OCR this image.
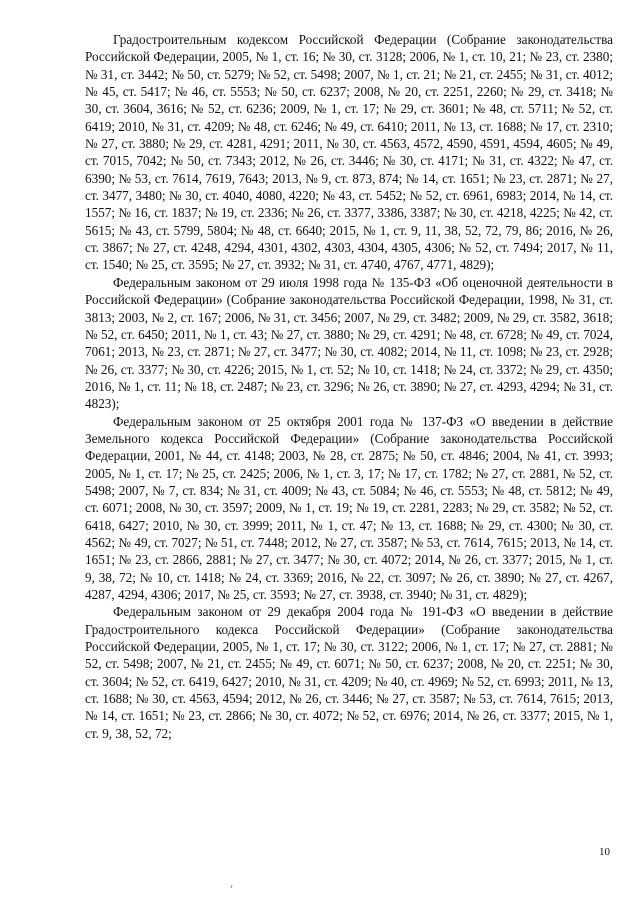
Градостроительным кодексом Российской Федерации (Собрание законодательства Российской Федерации, 2005, № 1, ст. 16; № 30, ст. 3128; 2006, № 1, ст. 10, 21; № 23, ст. 2380; № 31, ст. 3442; № 50, ст. 5279; № 52, ст. 5498; 2007, № 1, ст. 21; № 21, ст. 2455; № 31, ст. 4012; № 45, ст. 5417; № 46, ст. 5553; № 50, ст. 6237; 2008, № 20, ст. 2251, 2260; № 29, ст. 3418; № 30, ст. 3604, 3616; № 52, ст. 6236; 2009, № 1, ст. 17; № 29, ст. 3601; № 48, ст. 5711; № 52, ст. 6419; 2010, № 31, ст. 4209; № 48, ст. 6246; № 49, ст. 6410; 2011, № 13, ст. 1688; № 17, ст. 2310; № 27, ст. 3880; № 29, ст. 4281, 4291; 2011, № 30, ст. 4563, 4572, 4590, 4591, 4594, 4605; № 49, ст. 7015, 7042; № 50, ст. 7343; 2012, № 26, ст. 3446; № 30, ст. 4171; № 31, ст. 4322; № 47, ст. 6390; № 53, ст. 7614, 7619, 7643; 2013, № 9, ст. 873, 874; № 14, ст. 1651; № 23, ст. 2871; № 27, ст. 3477, 3480; № 30, ст. 4040, 4080, 4220; № 43, ст. 5452; № 52, ст. 6961, 6983; 2014, № 14, ст. 1557; № 16, ст. 1837; № 19, ст. 2336; № 26, ст. 3377, 3386, 3387; № 30, ст. 4218, 4225; № 42, ст. 5615; № 43, ст. 5799, 5804; № 48, ст. 6640; 2015, № 1, ст. 9, 11, 38, 52, 72, 79, 86; 2016, № 26, ст. 3867; № 27, ст. 4248, 4294, 4301, 4302, 4303, 4304, 4305, 4306; № 52, ст. 7494; 2017, № 11, ст. 1540; № 25, ст. 3595; № 27, ст. 3932; № 31, ст. 4740, 4767, 4771, 4829);

Федеральным законом от 29 июля 1998 года № 135-ФЗ «Об оценочной деятельности в Российской Федерации» (Собрание законодательства Российской Федерации, 1998, № 31, ст. 3813; 2003, № 2, ст. 167; 2006, № 31, ст. 3456; 2007, № 29, ст. 3482; 2009, № 29, ст. 3582, 3618; № 52, ст. 6450; 2011, № 1, ст. 43; № 27, ст. 3880; № 29, ст. 4291; № 48, ст. 6728; № 49, ст. 7024, 7061; 2013, № 23, ст. 2871; № 27, ст. 3477; № 30, ст. 4082; 2014, № 11, ст. 1098; № 23, ст. 2928; № 26, ст. 3377; № 30, ст. 4226; 2015, № 1, ст. 52; № 10, ст. 1418; № 24, ст. 3372; № 29, ст. 4350; 2016, № 1, ст. 11; № 18, ст. 2487; № 23, ст. 3296; № 26, ст. 3890; № 27, ст. 4293, 4294; № 31, ст. 4823);

Федеральным законом от 25 октября 2001 года № 137-ФЗ «О введении в действие Земельного кодекса Российской Федерации» (Собрание законодательства Российской Федерации, 2001, № 44, ст. 4148; 2003, № 28, ст. 2875; № 50, ст. 4846; 2004, № 41, ст. 3993; 2005, № 1, ст. 17; № 25, ст. 2425; 2006, № 1, ст. 3, 17; № 17, ст. 1782; № 27, ст. 2881, № 52, ст. 5498; 2007, № 7, ст. 834; № 31, ст. 4009; № 43, ст. 5084; № 46, ст. 5553; № 48, ст. 5812; № 49, ст. 6071; 2008, № 30, ст. 3597; 2009, № 1, ст. 19; № 19, ст. 2281, 2283; № 29, ст. 3582; № 52, ст. 6418, 6427; 2010, № 30, ст. 3999; 2011, № 1, ст. 47; № 13, ст. 1688; № 29, ст. 4300; № 30, ст. 4562; № 49, ст. 7027; № 51, ст. 7448; 2012, № 27, ст. 3587; № 53, ст. 7614, 7615; 2013, № 14, ст. 1651; № 23, ст. 2866, 2881; № 27, ст. 3477; № 30, ст. 4072; 2014, № 26, ст. 3377; 2015, № 1, ст. 9, 38, 72; № 10, ст. 1418; № 24, ст. 3369; 2016, № 22, ст. 3097; № 26, ст. 3890; № 27, ст. 4267, 4287, 4294, 4306; 2017, № 25, ст. 3593; № 27, ст. 3938, ст. 3940; № 31, ст. 4829);

Федеральным законом от 29 декабря 2004 года № 191-ФЗ «О введении в действие Градостроительного кодекса Российской Федерации» (Собрание законодательства Российской Федерации, 2005, № 1, ст. 17; № 30, ст. 3122; 2006, № 1, ст. 17; № 27, ст. 2881; № 52, ст. 5498; 2007, № 21, ст. 2455; № 49, ст. 6071; № 50, ст. 6237; 2008, № 20, ст. 2251; № 30, ст. 3604; № 52, ст. 6419, 6427; 2010, № 31, ст. 4209; № 40, ст. 4969; № 52, ст. 6993; 2011, № 13, ст. 1688; № 30, ст. 4563, 4594; 2012, № 26, ст. 3446; № 27, ст. 3587; № 53, ст. 7614, 7615; 2013, № 14, ст. 1651; № 23, ст. 2866; № 30, ст. 4072; № 52, ст. 6976; 2014, № 26, ст. 3377; 2015, № 1, ст. 9, 38, 52, 72;

10
